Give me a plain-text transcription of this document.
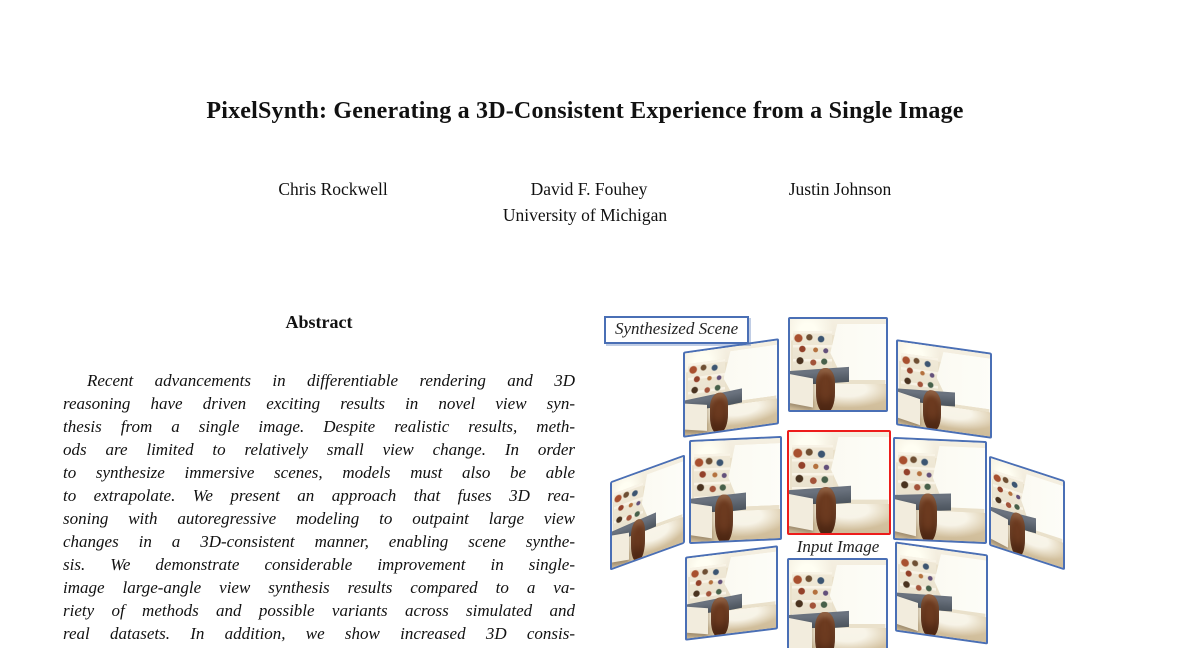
PixelSynth: Generating a 3D-Consistent Experience from a Single Image
Chris Rockwell	David F. Fouhey	Justin Johnson
University of Michigan
Abstract
Recent advancements in differentiable rendering and 3D
reasoning have driven exciting results in novel view syn-
thesis from a single image. Despite realistic results, meth-
ods are limited to relatively small view change. In order
to synthesize immersive scenes, models must also be able
to extrapolate. We present an approach that fuses 3D rea-
soning with autoregressive modeling to outpaint large view
changes in a 3D-consistent manner, enabling scene synthe-
sis. We demonstrate considerable improvement in single-
image large-angle view synthesis results compared to a va-
riety of methods and possible variants across simulated and
real datasets. In addition, we show increased 3D consis-
Synthesized Scene
Input Image
